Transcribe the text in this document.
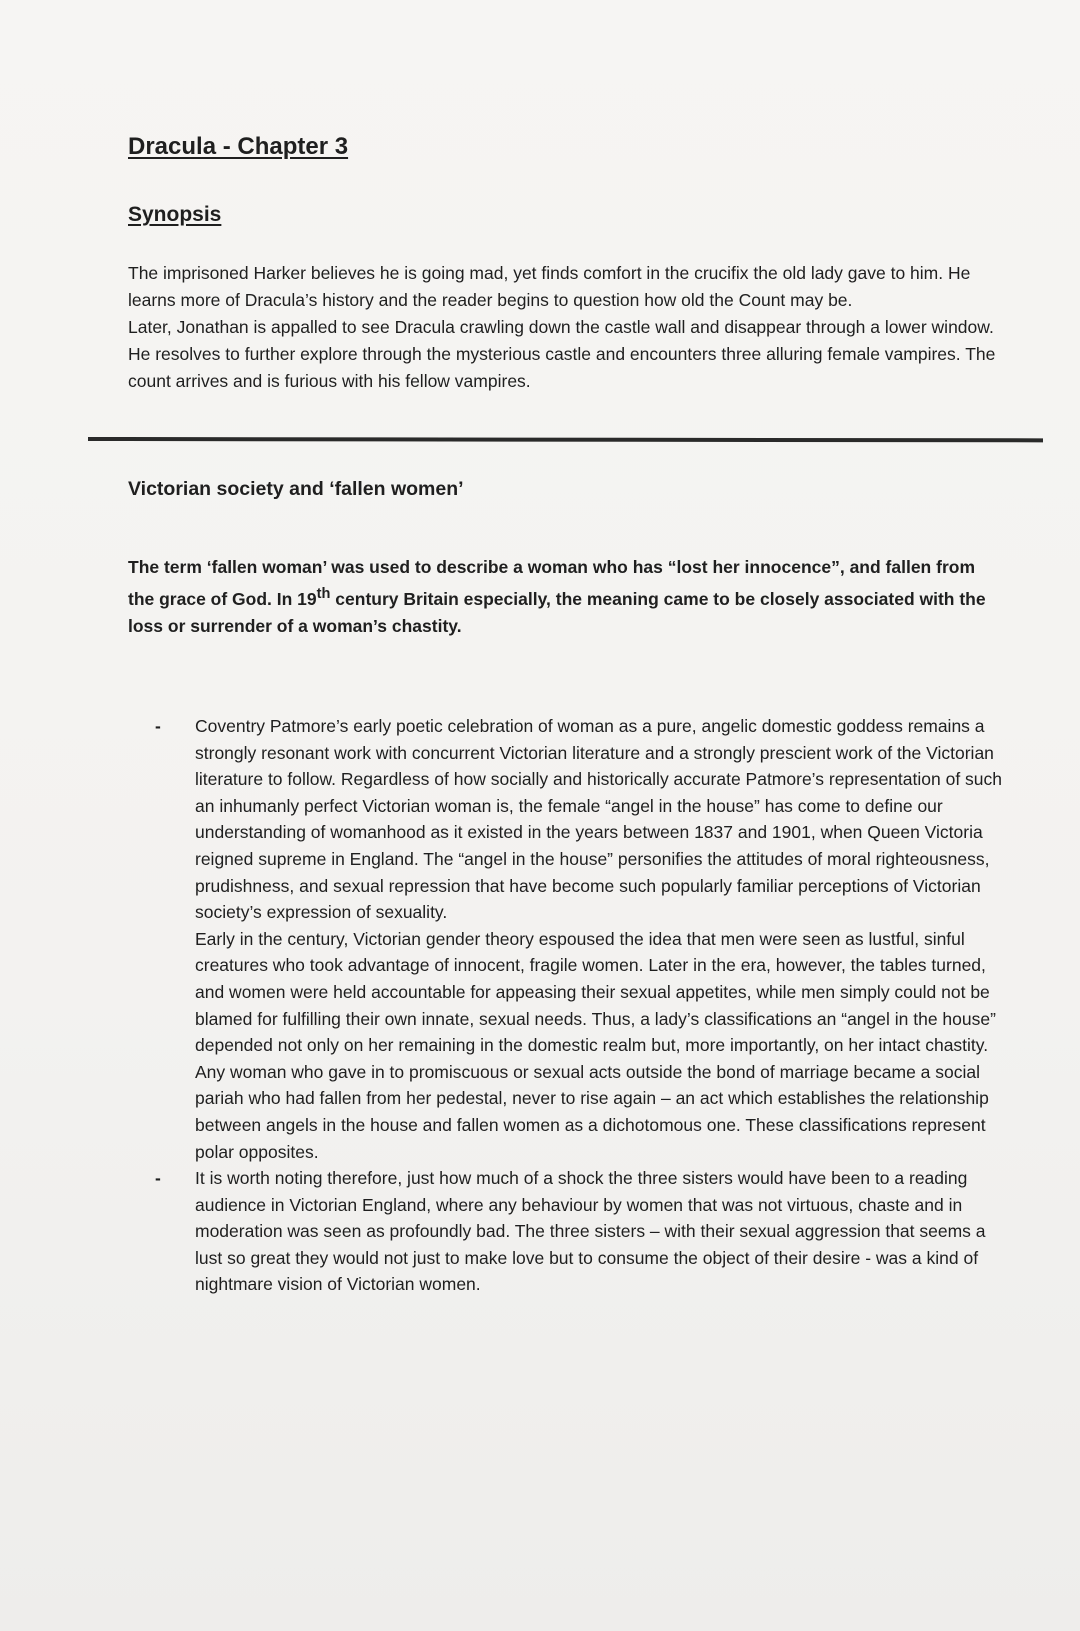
Dracula - Chapter 3
Synopsis

The imprisoned Harker believes he is going mad, yet finds comfort in the crucifix the old lady gave to him. He learns more of Dracula’s history and the reader begins to question how old the Count may be.

Later, Jonathan is appalled to see Dracula crawling down the castle wall and disappear through a lower window. He resolves to further explore through the mysterious castle and encounters three alluring female vampires. The count arrives and is furious with his fellow vampires.

Victorian society and ‘fallen women’

The term ‘fallen woman’ was used to describe a woman who has “lost her innocence”, and fallen from the grace of God. In 19th century Britain especially, the meaning came to be closely associated with the loss or surrender of a woman’s chastity.

- Coventry Patmore’s early poetic celebration of woman as a pure, angelic domestic goddess remains a strongly resonant work with concurrent Victorian literature and a strongly prescient work of the Victorian literature to follow. Regardless of how socially and historically accurate Patmore’s representation of such an inhumanly perfect Victorian woman is, the female “angel in the house” has come to define our understanding of womanhood as it existed in the years between 1837 and 1901, when Queen Victoria reigned supreme in England. The “angel in the house” personifies the attitudes of moral righteousness, prudishness, and sexual repression that have become such popularly familiar perceptions of Victorian society’s expression of sexuality.

Early in the century, Victorian gender theory espoused the idea that men were seen as lustful, sinful creatures who took advantage of innocent, fragile women. Later in the era, however, the tables turned, and women were held accountable for appeasing their sexual appetites, while men simply could not be blamed for fulfilling their own innate, sexual needs. Thus, a lady’s classifications an “angel in the house” depended not only on her remaining in the domestic realm but, more importantly, on her intact chastity. Any woman who gave in to promiscuous or sexual acts outside the bond of marriage became a social pariah who had fallen from her pedestal, never to rise again – an act which establishes the relationship between angels in the house and fallen women as a dichotomous one. These classifications represent polar opposites.

- It is worth noting therefore, just how much of a shock the three sisters would have been to a reading audience in Victorian England, where any behaviour by women that was not virtuous, chaste and in moderation was seen as profoundly bad. The three sisters – with their sexual aggression that seems a lust so great they would not just to make love but to consume the object of their desire - was a kind of nightmare vision of Victorian women.
